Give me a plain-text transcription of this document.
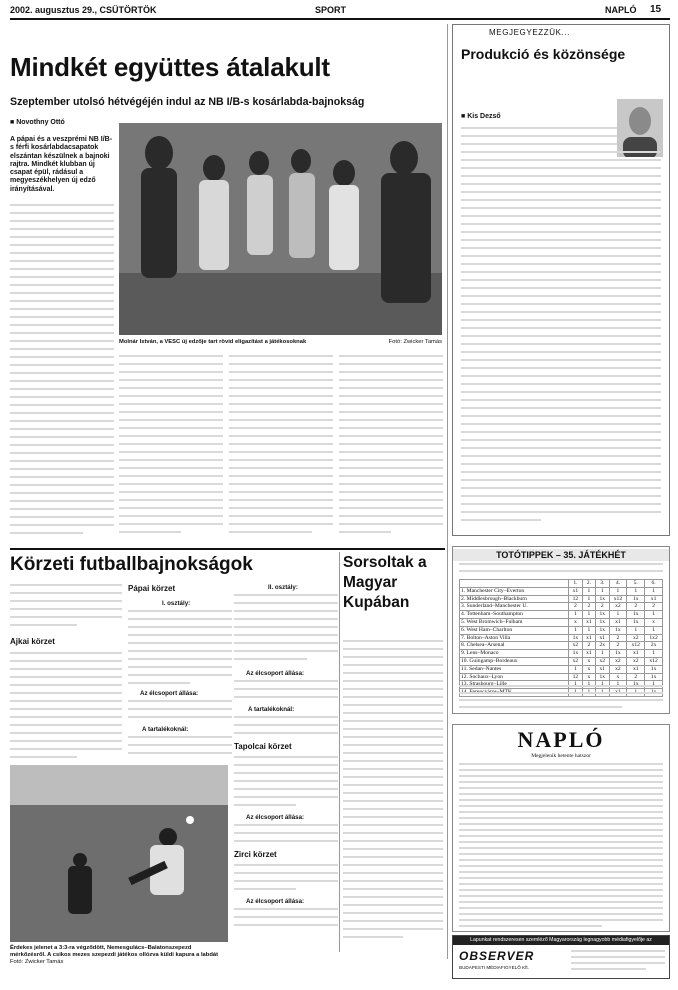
2002. augusztus 29., CSÜTÖRTÖK	SPORT	NAPLÓ 15
Mindkét együttes átalakult
Szeptember utolsó hétvégéjén indul az NB I/B-s kosárlabda-bajnokság
■ Novothny Ottó
A pápai és a veszprémi NB I/B-s férfi kosárlabdacsapatok elszántan készülnek a bajnoki rajtra. Mindkét klubban új csapat épül, rádásul a megyeszékhelyen új edző irányításával.
Molnár István, a VESC új edzője tart rövid eligazítást a játékosoknak	Fotó: Zwicker Tamás
MEGJEGYEZZÜK...
Produkció és közönsége
■ Kis Dezső
Körzeti futballbajnokságok
Ajkai körzet
Érdekes jelenet a 3:3-ra végződött, Nemesgulács–Balatonszepezd mérkőzésről. A csikos mezes szepezdi játékos ollózva küldi kapura a labdát Fotó: Zwicker Tamás
Pápai körzet
I. osztály:
Az élcsoport állása:
A tartalékoknál:
II. osztály:
Az élcsoport állása:
A tartalékoknál:
Tapolcai körzet
Az élcsoport állása:
Zirci körzet
Az élcsoport állása:
Sorsoltak a Magyar Kupában
TOTÓTIPPEK – 35. JÁTÉKHÉT
	1.	2.	3.	4.	5.	6.
1. Manchester City–Everton	x1	1	1	1	1	1
2. Middlesbrough–Blackburn	12	1	1x	x12	1x	x1
3. Sunderland–Manchester U.	2	2	2	x2	2	2
4. Tottenham–Southampton	1	1	1x	1	1x	1
5. West Bromwich–Fulham	x	x1	1x	x1	1x	x
6. West Ham–Charlton	1	1	1x	1x	1	1
7. Bolton–Aston Villa	1x	x1	x1	2	x2	1x2
8. Chelsea–Arsenal	x2	2	2x	2	x12	2x
9. Lens–Monaco	1x	x1	1	1x	x1	1
10. Guingamp–Bordeaux	x2	x	x2	x2	x2	x12
11. Sedan–Nantes	1	x	x1	x2	x1	1x
12. Sochaux–Lyon	12	x	1x	x	2	1x

NAPLÓ
Megjelenik hetente hatszor
Lapunkat rendszeresen szemléző Magyarország legnagyobb médiafigyelője az
OBSERVER
BUDAPESTI MÉDIAFIGYELŐ Kft.
